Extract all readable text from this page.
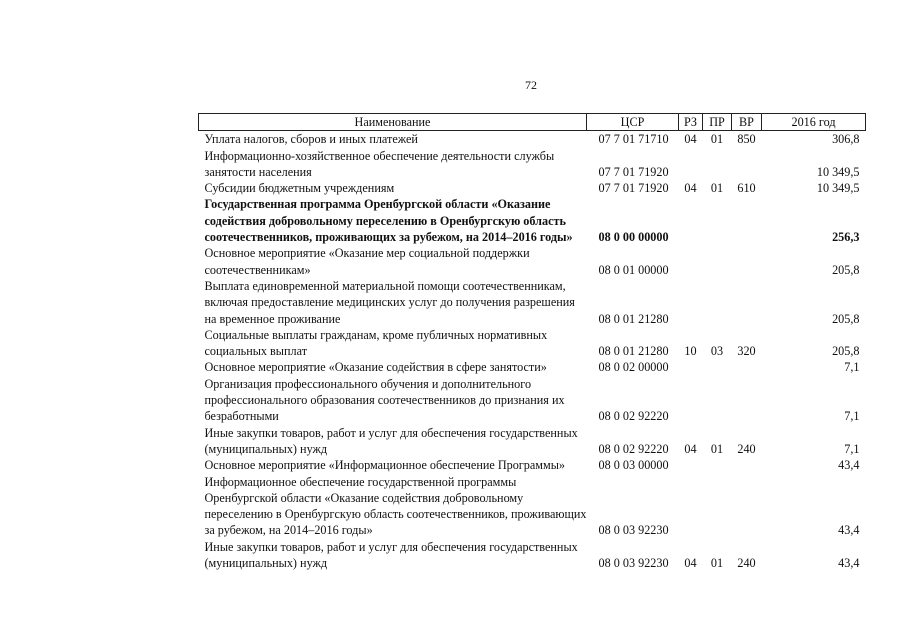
72
Наименование	ЦСР	РЗ	ПР	ВР	2016 год
Уплата налогов, сборов и иных платежей	07 7 01 71710	04	01	850	306,8
Информационно-хозяйственное обеспечение деятельности службы занятости населения	07 7 01 71920				10 349,5
Субсидии бюджетным учреждениям	07 7 01 71920	04	01	610	10 349,5
Государственная программа Оренбургской области «Оказание содействия добровольному переселению в Оренбургскую область соотечественников, проживающих за рубежом, на 2014–2016 годы»	08 0 00 00000				256,3
Основное мероприятие «Оказание мер социальной поддержки соотечественникам»	08 0 01 00000				205,8
Выплата единовременной материальной помощи соотечественникам, включая предоставление медицинских услуг до получения разрешения на временное проживание	08 0 01 21280				205,8
Социальные выплаты гражданам, кроме публичных нормативных социальных выплат	08 0 01 21280	10	03	320	205,8
Основное мероприятие «Оказание содействия в сфере занятости»	08 0 02 00000				7,1
Организация профессионального обучения и дополнительного профессионального образования соотечественников до признания их безработными	08 0 02 92220				7,1
Иные закупки товаров, работ и услуг для обеспечения государственных (муниципальных) нужд	08 0 02 92220	04	01	240	7,1
Основное мероприятие «Информационное обеспечение Программы»	08 0 03 00000				43,4
Информационное обеспечение государственной программы Оренбургской области «Оказание содействия добровольному переселению в Оренбургскую область соотечественников, проживающих за рубежом, на 2014–2016 годы»	08 0 03 92230				43,4
Иные закупки товаров, работ и услуг для обеспечения государственных (муниципальных) нужд	08 0 03 92230	04	01	240	43,4
